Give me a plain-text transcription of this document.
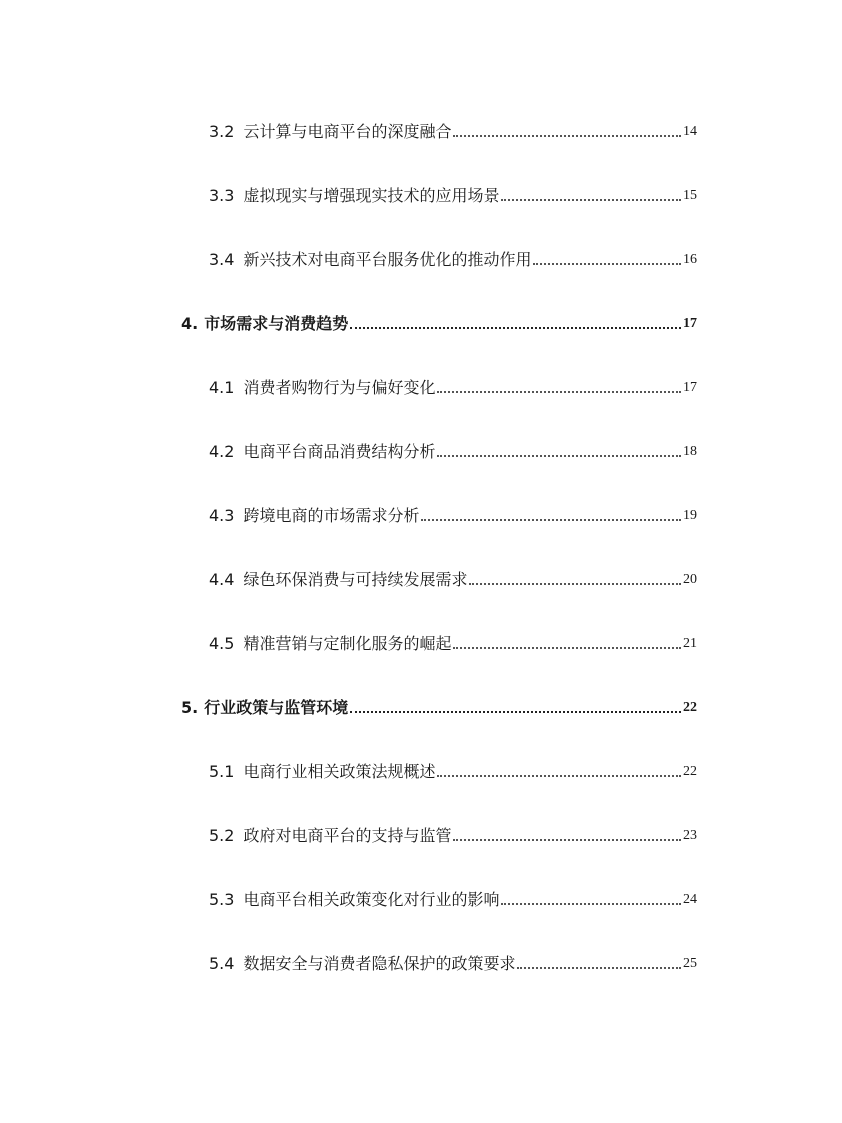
3.2 云计算与电商平台的深度融合	14
3.3 虚拟现实与增强现实技术的应用场景	15
3.4 新兴技术对电商平台服务优化的推动作用	16
4. 市场需求与消费趋势	17
4.1 消费者购物行为与偏好变化	17
4.2 电商平台商品消费结构分析	18
4.3 跨境电商的市场需求分析	19
4.4 绿色环保消费与可持续发展需求	20
4.5 精准营销与定制化服务的崛起	21
5. 行业政策与监管环境	22
5.1 电商行业相关政策法规概述	22
5.2 政府对电商平台的支持与监管	23
5.3 电商平台相关政策变化对行业的影响	24
5.4 数据安全与消费者隐私保护的政策要求	25
